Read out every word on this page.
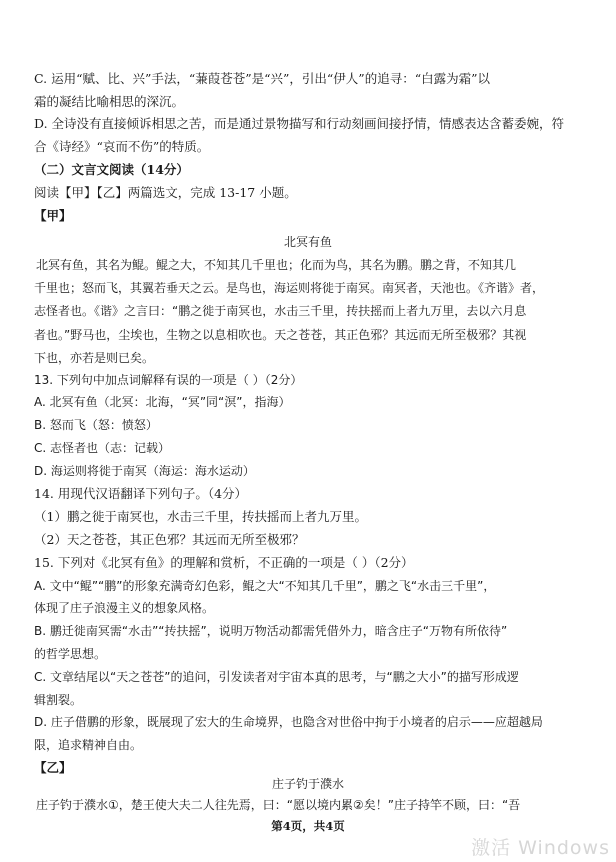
C. 运用“赋、比、兴”手法，“蒹葭苍苍”是“兴”，引出“伊人”的追寻：“白露为霜”以
霜的凝结比喻相思的深沉。
D. 全诗没有直接倾诉相思之苦，而是通过景物描写和行动刻画间接抒情，情感表达含蓄委婉，符
合《诗经》“哀而不伤”的特质。
（二）文言文阅读（14分）
阅读【甲】【乙】两篇选文，完成 13-17 小题。
【甲】
北冥有鱼
北冥有鱼，其名为鲲。鲲之大，不知其几千里也；化而为鸟，其名为鹏。鹏之背，不知其几
千里也；怒而飞，其翼若垂天之云。是鸟也，海运则将徙于南冥。南冥者，天池也。《齐谐》者，
志怪者也。《谐》之言曰：“鹏之徙于南冥也，水击三千里，抟扶摇而上者九万里，去以六月息
者也。”野马也，尘埃也，生物之以息相吹也。天之苍苍，其正色邪？其远而无所至极邪？其视
下也，亦若是则已矣。
13. 下列句中加点词解释有误的一项是（ ）（2分）
A. 北冥有鱼（北冥：北海，“冥”同“溟”，指海）
B. 怒而飞（怒：愤怒）
C. 志怪者也（志：记载）
D. 海运则将徙于南冥（海运：海水运动）
14. 用现代汉语翻译下列句子。（4分）
（1）鹏之徙于南冥也，水击三千里，抟扶摇而上者九万里。
（2）天之苍苍，其正色邪？其远而无所至极邪？
15. 下列对《北冥有鱼》的理解和赏析，不正确的一项是（ ）（2分）
A. 文中“鲲”“鹏”的形象充满奇幻色彩，鲲之大“不知其几千里”，鹏之飞“水击三千里”，
体现了庄子浪漫主义的想象风格。
B. 鹏迁徙南冥需“水击”“抟扶摇”，说明万物活动都需凭借外力，暗含庄子“万物有所依待”
的哲学思想。
C. 文章结尾以“天之苍苍”的追问，引发读者对宇宙本真的思考，与“鹏之大小”的描写形成逻
辑割裂。
D. 庄子借鹏的形象，既展现了宏大的生命境界，也隐含对世俗中拘于小境者的启示——应超越局
限，追求精神自由。
【乙】
庄子钓于濮水
庄子钓于濮水①，楚王使大夫二人往先焉，曰：“愿以境内累②矣！”庄子持竿不顾，曰：“吾
第4页，共4页
激活 Windows
